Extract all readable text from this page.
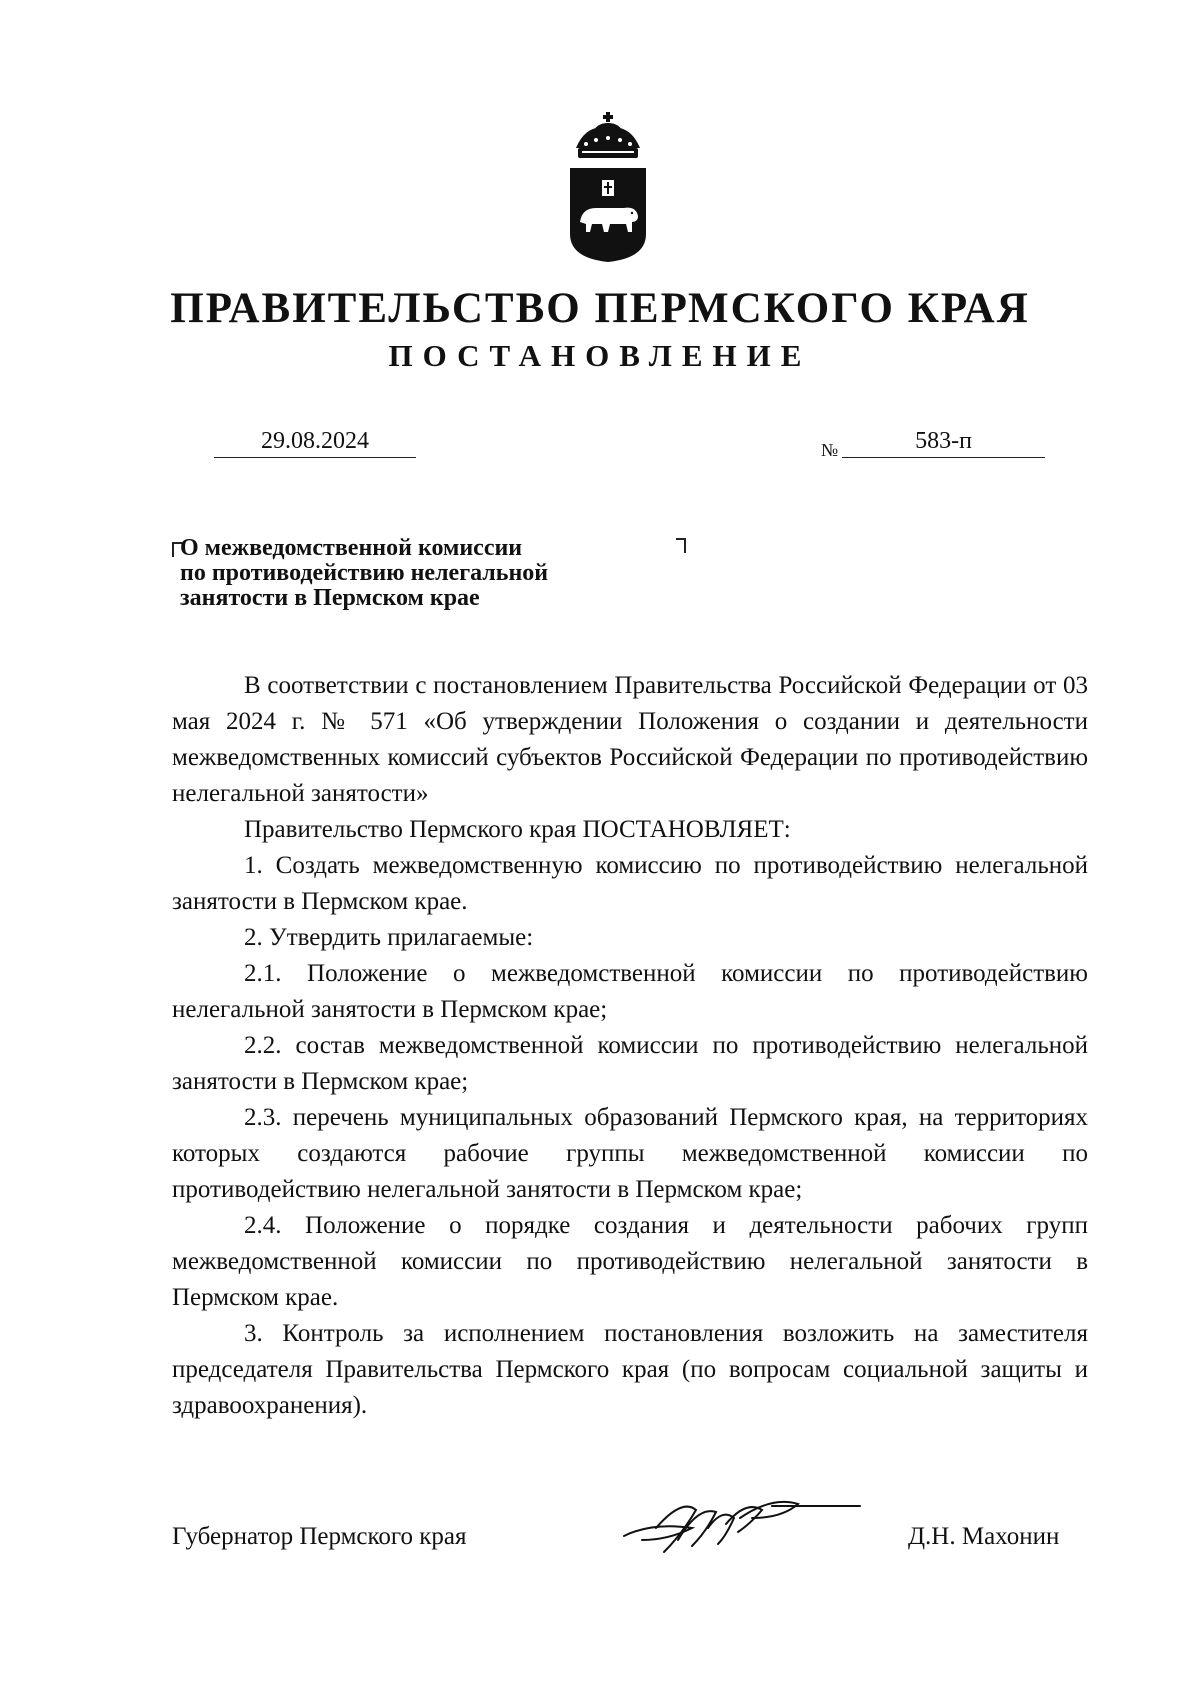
ПРАВИТЕЛЬСТВО ПЕРМСКОГО КРАЯ
ПОСТАНОВЛЕНИЕ
29.08.2024	№	583-п
О межведомственной комиссии
по противодействию нелегальной
занятости в Пермском крае

В соответствии с постановлением Правительства Российской Федерации от 03 мая 2024 г. № 571 «Об утверждении Положения о создании и деятельности межведомственных комиссий субъектов Российской Федерации по противодействию нелегальной занятости»

Правительство Пермского края ПОСТАНОВЛЯЕТ:

1. Создать межведомственную комиссию по противодействию нелегальной занятости в Пермском крае.

2. Утвердить прилагаемые:

2.1. Положение о межведомственной комиссии по противодействию нелегальной занятости в Пермском крае;

2.2. состав межведомственной комиссии по противодействию нелегальной занятости в Пермском крае;

2.3. перечень муниципальных образований Пермского края, на территориях которых создаются рабочие группы межведомственной комиссии по противодействию нелегальной занятости в Пермском крае;

2.4. Положение о порядке создания и деятельности рабочих групп межведомственной комиссии по противодействию нелегальной занятости в Пермском крае.

3. Контроль за исполнением постановления возложить на заместителя председателя Правительства Пермского края (по вопросам социальной защиты и здравоохранения).

Губернатор Пермского края	Д.Н. Махонин
